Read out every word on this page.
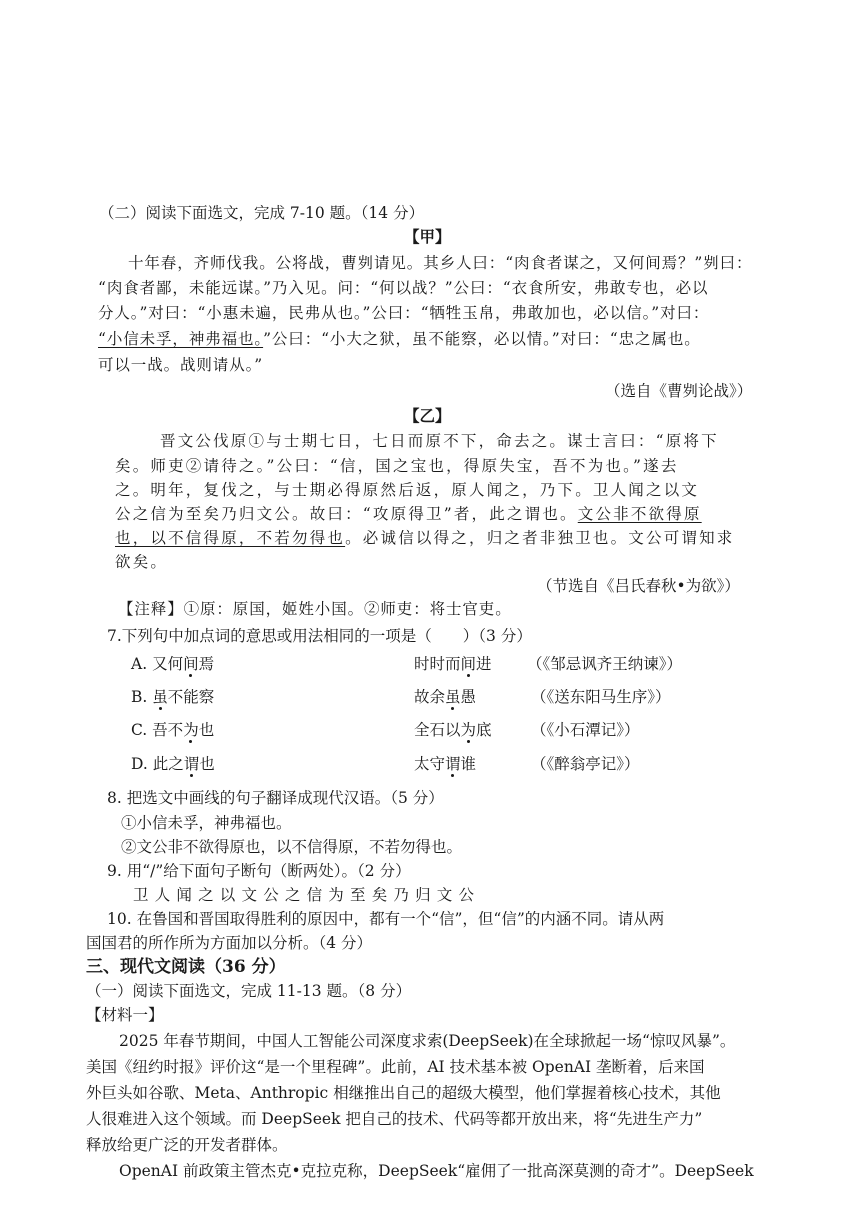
（二）阅读下面选文，完成 7-10 题。（14 分）
【甲】
十年春，齐师伐我。公将战，曹刿请见。其乡人曰：“肉食者谋之，又何间焉？”刿曰：
“肉食者鄙，未能远谋。”乃入见。问：“何以战？”公曰：“衣食所安，弗敢专也，必以
分人。”对曰：“小惠未遍，民弗从也。”公曰：“牺牲玉帛，弗敢加也，必以信。”对曰：
“小信未孚，神弗福也。”公曰：“小大之狱，虽不能察，必以情。”对曰：“忠之属也。
可以一战。战则请从。”
（选自《曹刿论战》）
【乙】
晋文公伐原①与士期七日，七日而原不下，命去之。谋士言曰：“原将下
矣。师吏②请待之。”公曰：“信，国之宝也，得原失宝，吾不为也。”遂去
之。明年，复伐之，与士期必得原然后返，原人闻之，乃下。卫人闻之以文
公之信为至矣乃归文公。故曰：“攻原得卫”者，此之谓也。文公非不欲得原
也，以不信得原，不若勿得也。必诚信以得之，归之者非独卫也。文公可谓知求
欲矣。
（节选自《吕氏春秋•为欲》）
【注释】①原：原国，姬姓小国。②师吏：将士官吏。
7.下列句中加点词的意思或用法相同的一项是（　　）（3 分）
A. 又何间焉	时时而间进 （《邹忌讽齐王纳谏》）
B. 虽不能察	故余虽愚	（《送东阳马生序》）
C. 吾不为也	全石以为底	（《小石潭记》）
D. 此之谓也	太守谓谁	（《醉翁亭记》）
8. 把选文中画线的句子翻译成现代汉语。（5 分）
①小信未孚，神弗福也。
②文公非不欲得原也，以不信得原，不若勿得也。
9. 用“/”给下面句子断句（断两处）。（2 分）
卫人闻之以文公之信为至矣乃归文公
10. 在鲁国和晋国取得胜利的原因中，都有一个“信”，但“信”的内涵不同。请从两
国国君的所作所为方面加以分析。（4 分）
三、现代文阅读（36 分）
（一）阅读下面选文，完成 11-13 题。（8 分）
【材料一】
2025 年春节期间，中国人工智能公司深度求索(DeepSeek)在全球掀起一场“惊叹风暴”。
美国《纽约时报》评价这“是一个里程碑”。此前，AI 技术基本被 OpenAI 垄断着，后来国
外巨头如谷歌、Meta、Anthropic 相继推出自己的超级大模型，他们掌握着核心技术，其他
人很难进入这个领域。而 DeepSeek 把自己的技术、代码等都开放出来，将“先进生产力”
释放给更广泛的开发者群体。
OpenAI 前政策主管杰克•克拉克称，DeepSeek“雇佣了一批高深莫测的奇才”。DeepSeek
